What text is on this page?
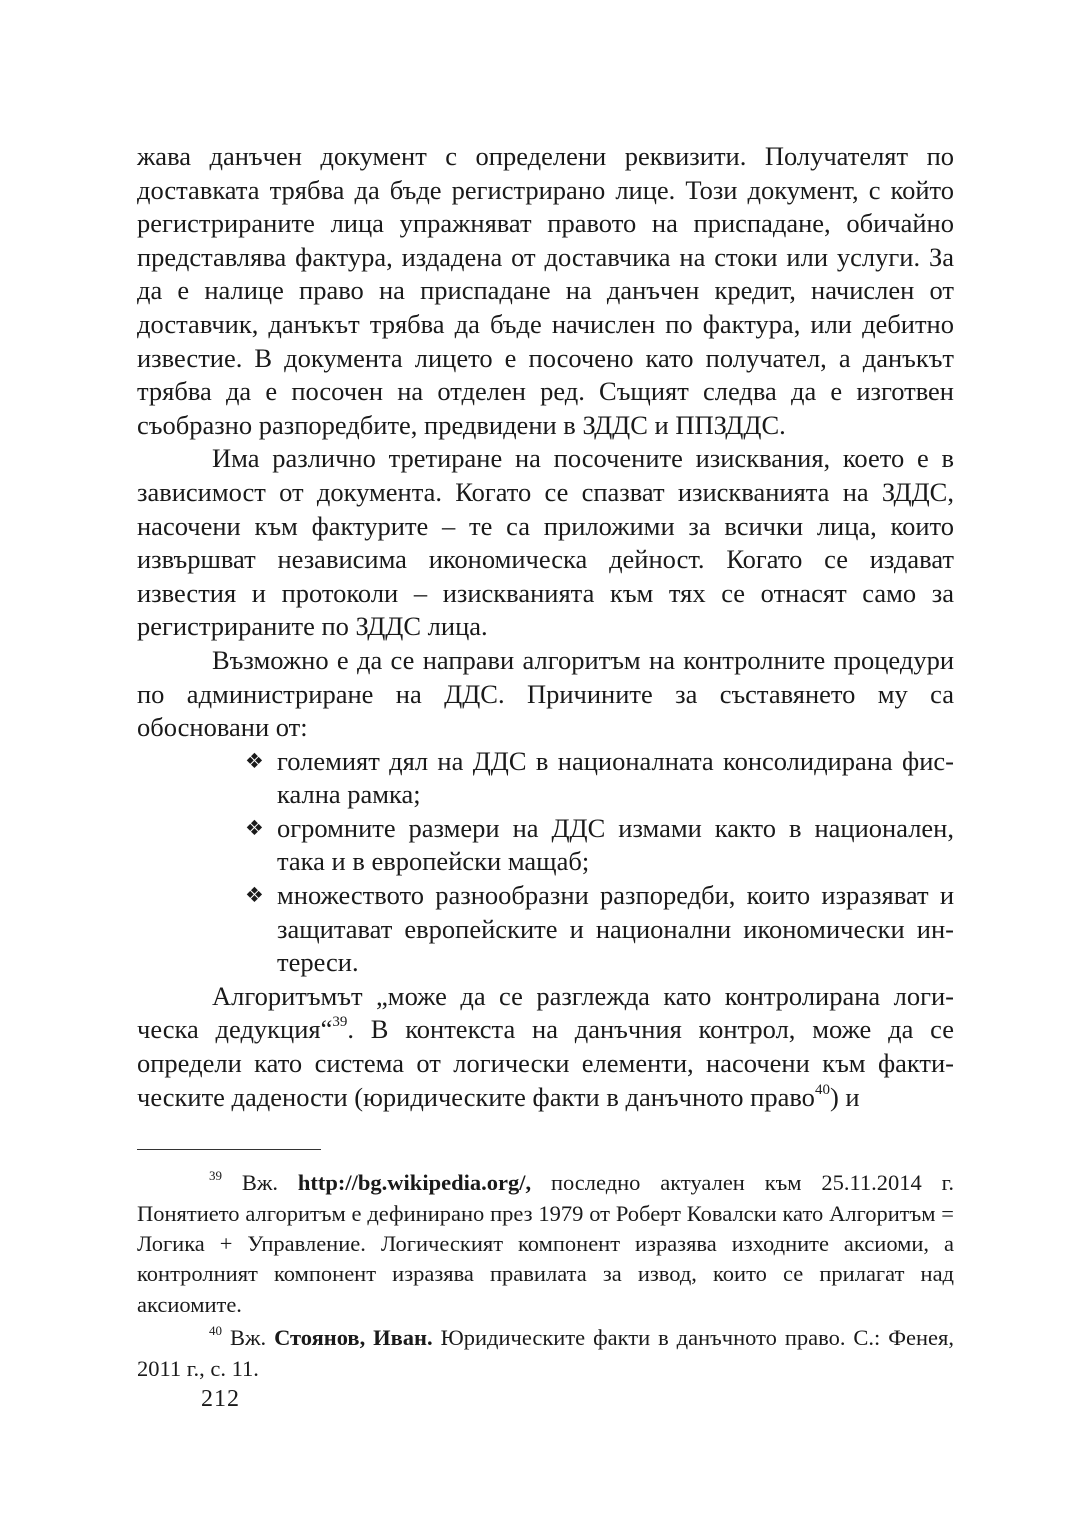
жава данъчен документ с определени реквизити. Получателят по доставката трябва да бъде регистрирано лице. Този документ, с който регистрираните лица упражняват правото на приспадане, обичайно представлява фактура, издадена от доставчика на стоки или услуги. За да е налице право на приспадане на данъчен кредит, начислен от доставчик, данъкът трябва да бъде начислен по фактура, или дебитно известие. В документа лицето е посочено като получател, а данъкът трябва да е посочен на отделен ред. Същият следва да е изготвен съобразно разпоредбите, предвидени в ЗДДС и ППЗДДС.

Има различно третиране на посочените изисквания, което е в зависимост от документа. Когато се спазват изискванията на ЗДДС, насочени към фактурите – те са приложими за всички лица, които извършват независима икономическа дейност. Когато се издават известия и протоколи – изискванията към тях се отнасят само за регистрираните по ЗДДС лица.

Възможно е да се направи алгоритъм на контролните процедури по администриране на ДДС. Причините за съставянето му са обосновани от:

❖ големият дял на ДДС в националната консолидирана фискална рамка;
❖ огромните размери на ДДС измами както в национален, така и в европейски мащаб;
❖ множеството разнообразни разпоредби, които изразяват и защитават европейските и национални икономически интереси.

Алгоритъмът „може да се разглежда като контролирана логическа дедукция“$^{39}$. В контекста на данъчния контрол, може да се определи като система от логически елементи, насочени към фактическите дадености (юридическите факти в данъчното право$^{40}$) и

$^{39}$ Вж. http://bg.wikipedia.org/, последно актуален към 25.11.2014 г. Понятието алгоритъм е дефинирано през 1979 от Роберт Ковалски като Алгоритъм = Логика + Управление. Логическият компонент изразява изходните аксиоми, а контролният компонент изразява правилата за извод, които се прилагат над аксиомите.

$^{40}$ Вж. Стоянов, Иван. Юридическите факти в данъчното право. С.: Фенея, 2011 г., с. 11.

212
